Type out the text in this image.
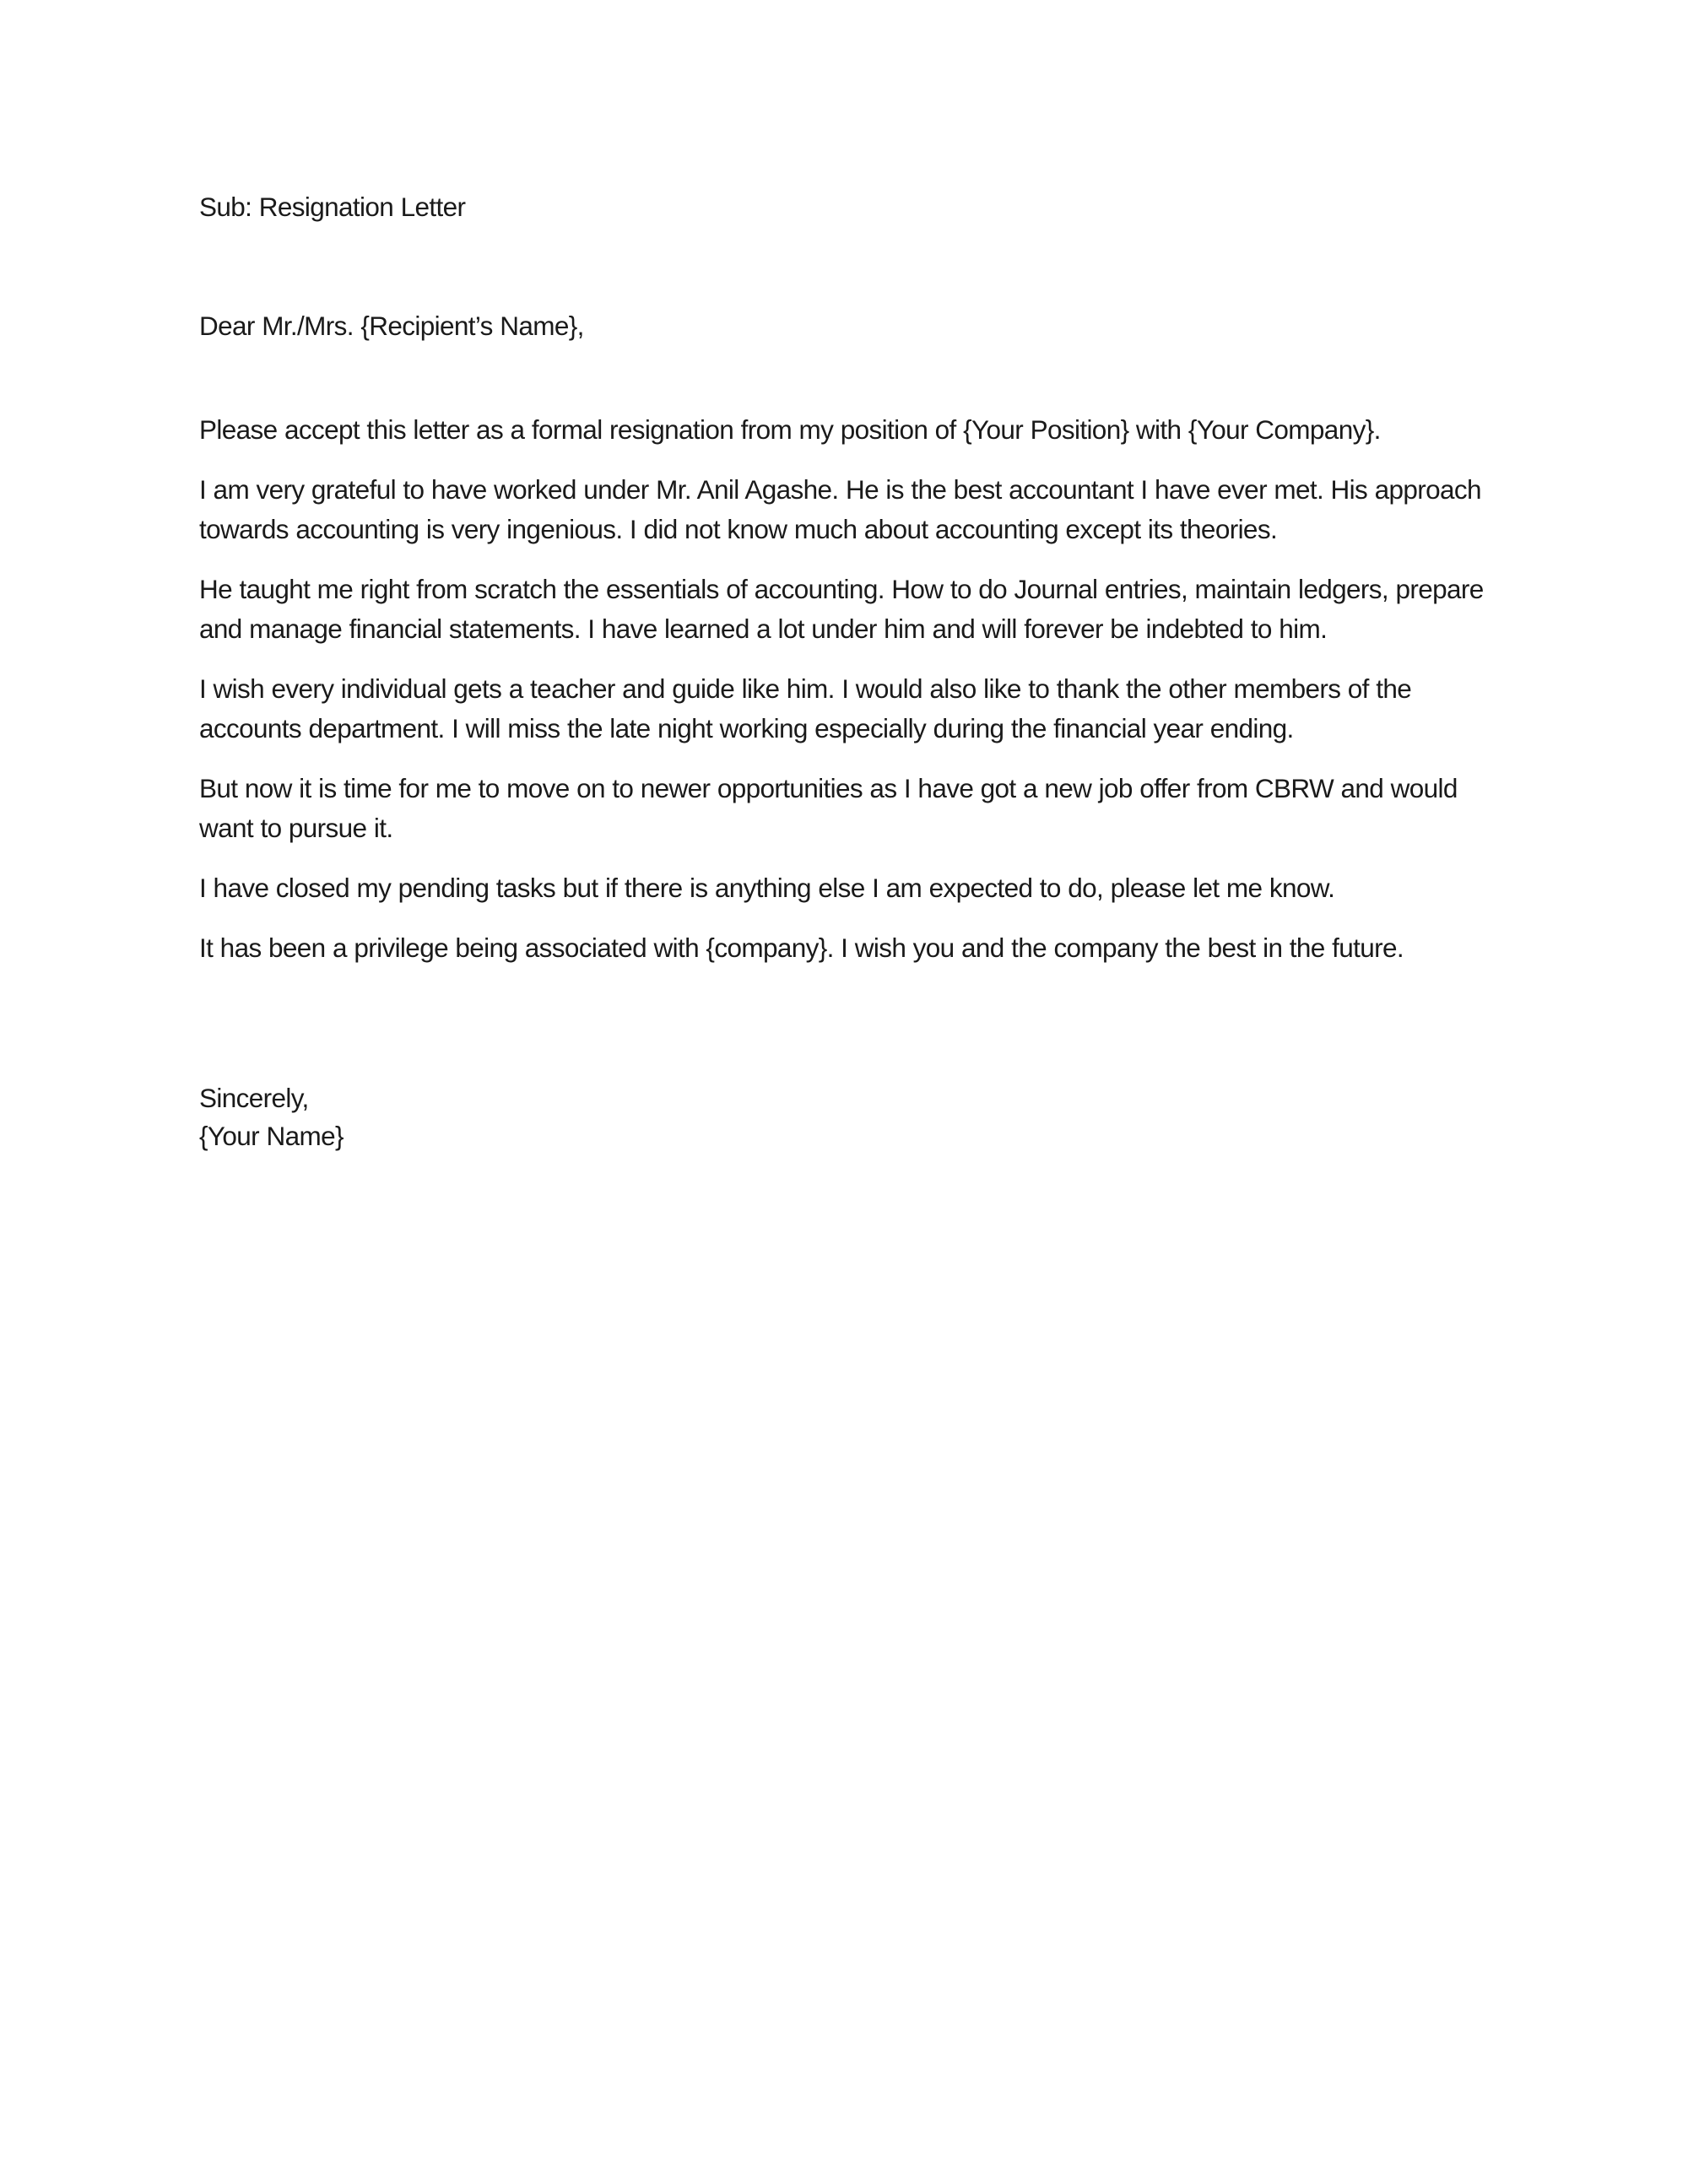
Sub: Resignation Letter

Dear Mr./Mrs. {Recipient’s Name},

Please accept this letter as a formal resignation from my position of {Your Position} with {Your Company}.

I am very grateful to have worked under Mr. Anil Agashe. He is the best accountant I have ever met. His approach towards accounting is very ingenious. I did not know much about accounting except its theories.

He taught me right from scratch the essentials of accounting. How to do Journal entries, maintain ledgers, prepare and manage financial statements. I have learned a lot under him and will forever be indebted to him.

I wish every individual gets a teacher and guide like him. I would also like to thank the other members of the accounts department. I will miss the late night working especially during the financial year ending.

But now it is time for me to move on to newer opportunities as I have got a new job offer from CBRW and would want to pursue it.

I have closed my pending tasks but if there is anything else I am expected to do, please let me know.

It has been a privilege being associated with {company}. I wish you and the company the best in the future.

Sincerely,

{Your Name}
